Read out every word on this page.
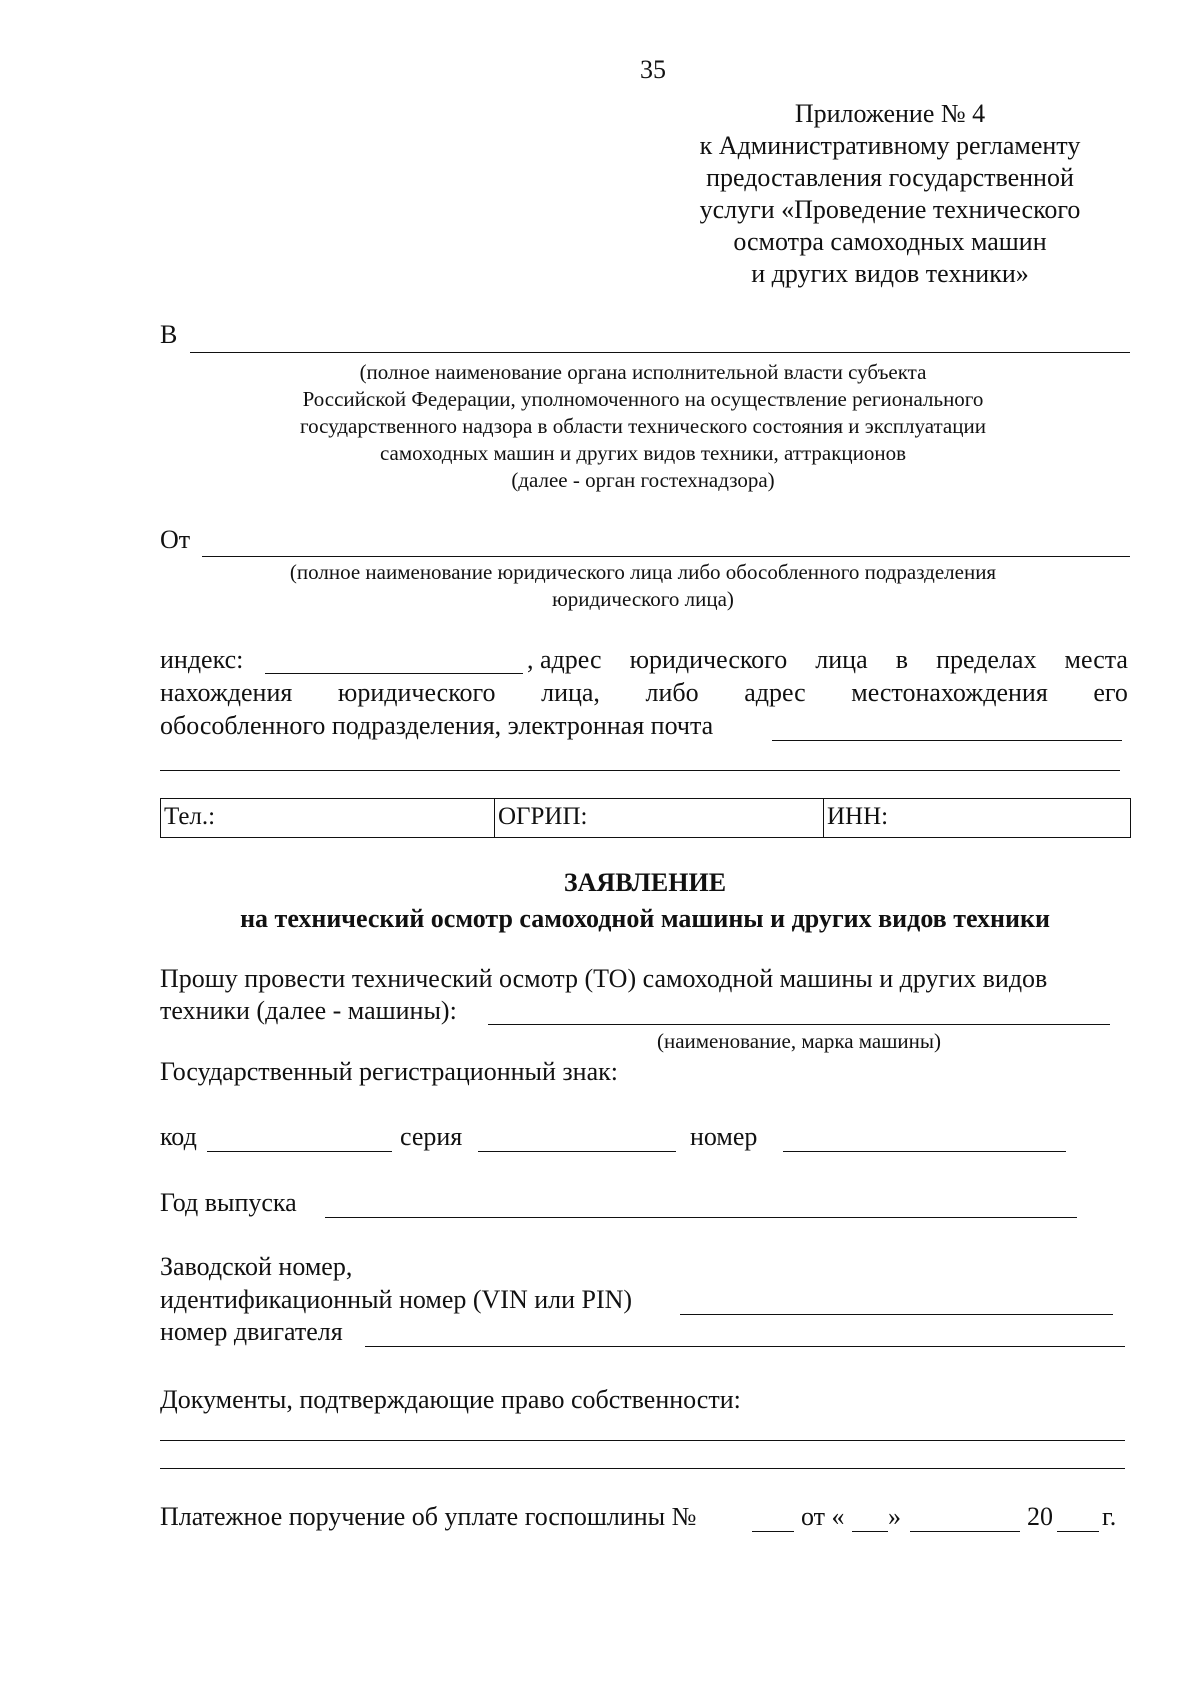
35
Приложение № 4
к Административному регламенту
предоставления государственной
услуги «Проведение технического
осмотра самоходных машин
и других видов техники»
В
(полное наименование органа исполнительной власти субъекта
Российской Федерации, уполномоченного на осуществление регионального
государственного надзора в области технического состояния и эксплуатации
самоходных машин и других видов техники, аттракционов
(далее - орган гостехнадзора)
От
(полное наименование юридического лица либо обособленного подразделения
юридического лица)
индекс:	, адрес юридического лица в пределах места
нахождения юридического лица, либо адрес местонахождения его
обособленного подразделения, электронная почта
Тел.:	ОГРИП:	ИНН:
ЗАЯВЛЕНИЕ
на технический осмотр самоходной машины и других видов техники
Прошу провести технический осмотр (ТО) самоходной машины и других видов
техники (далее - машины):
(наименование, марка машины)
Государственный регистрационный знак:
код	серия	номер
Год выпуска
Заводской номер,
идентификационный номер (VIN или PIN)
номер двигателя
Документы, подтверждающие право собственности:
Платежное поручение об уплате госпошлины №	от « »	20 г.
